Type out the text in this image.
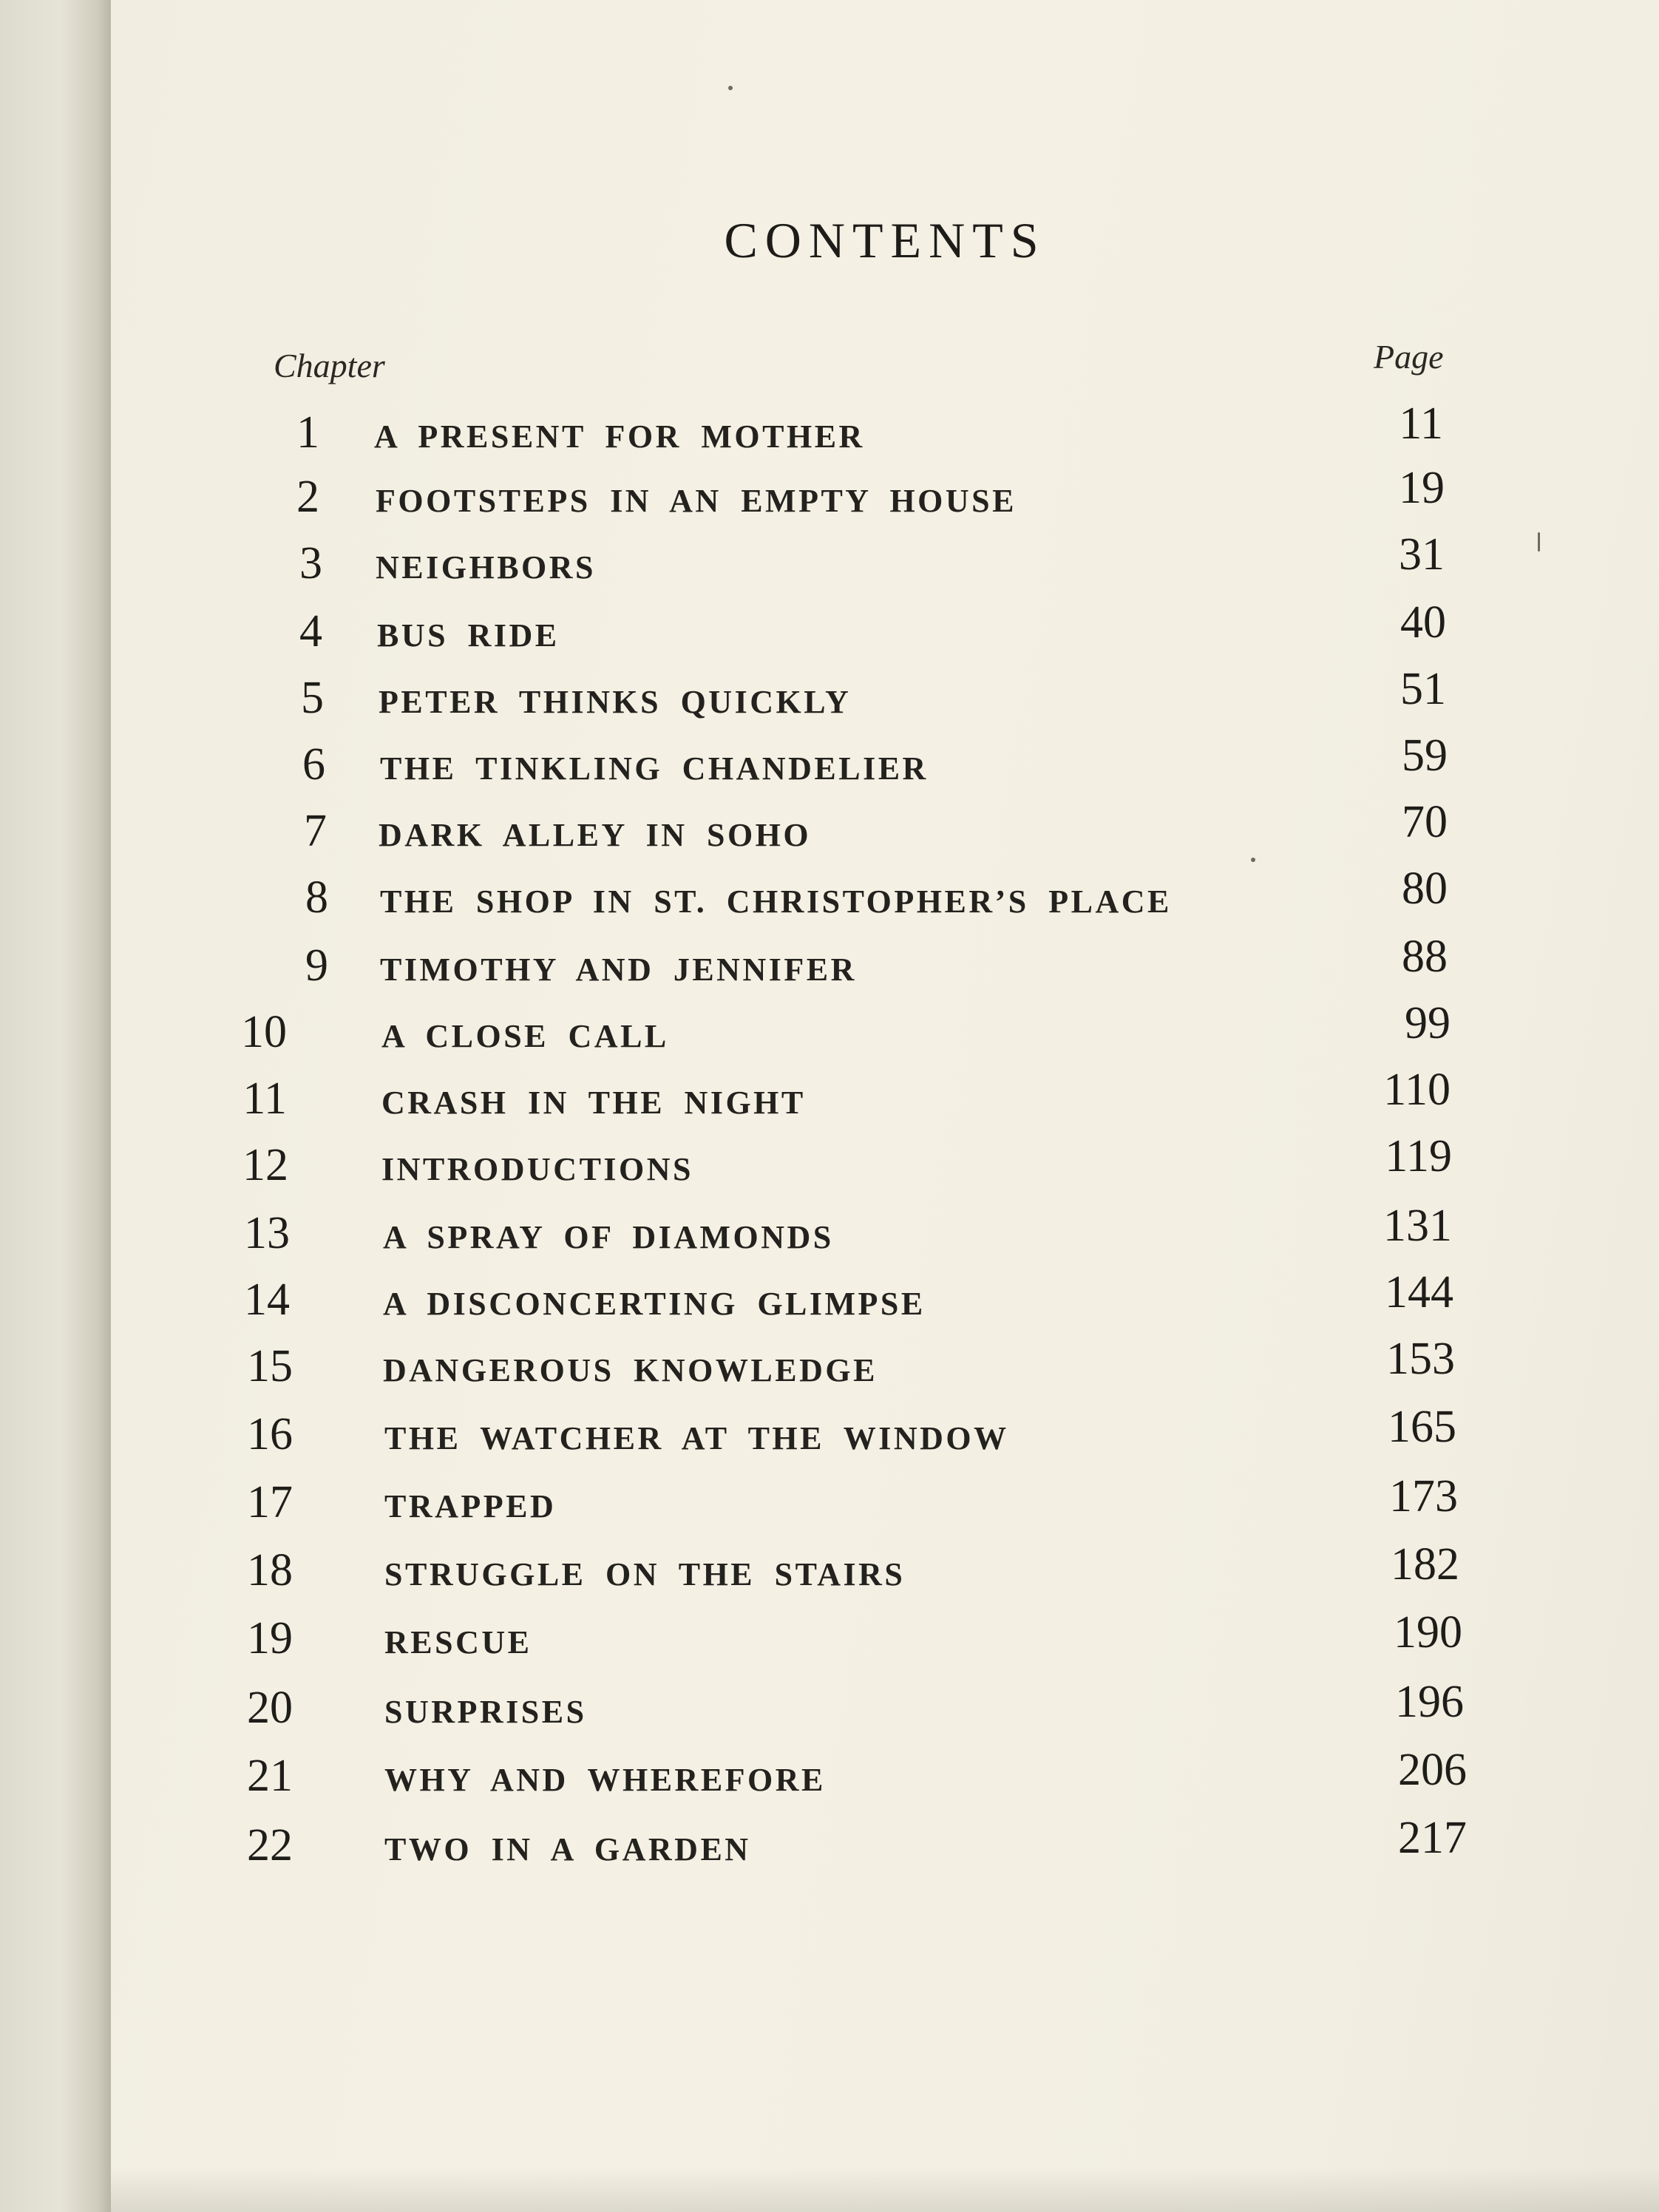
CONTENTS
Chapter	Page
1 A PRESENT FOR MOTHER	11
2 FOOTSTEPS IN AN EMPTY HOUSE	19
3 NEIGHBORS	31
4 BUS RIDE	40
5 PETER THINKS QUICKLY	51
6 THE TINKLING CHANDELIER	59
7 DARK ALLEY IN SOHO	70
8 THE SHOP IN ST. CHRISTOPHER’S PLACE	80
9 TIMOTHY AND JENNIFER	88
10	A CLOSE CALL	99
11	CRASH IN THE NIGHT	110
12	INTRODUCTIONS	119
13	A SPRAY OF DIAMONDS	131
14	A DISCONCERTING GLIMPSE	144
15	DANGEROUS KNOWLEDGE	153
16	THE WATCHER AT THE WINDOW	165
17	TRAPPED	173
18	STRUGGLE ON THE STAIRS	182
19	RESCUE	190
20	SURPRISES	196
21	WHY AND WHEREFORE	206
22	TWO IN A GARDEN	217
